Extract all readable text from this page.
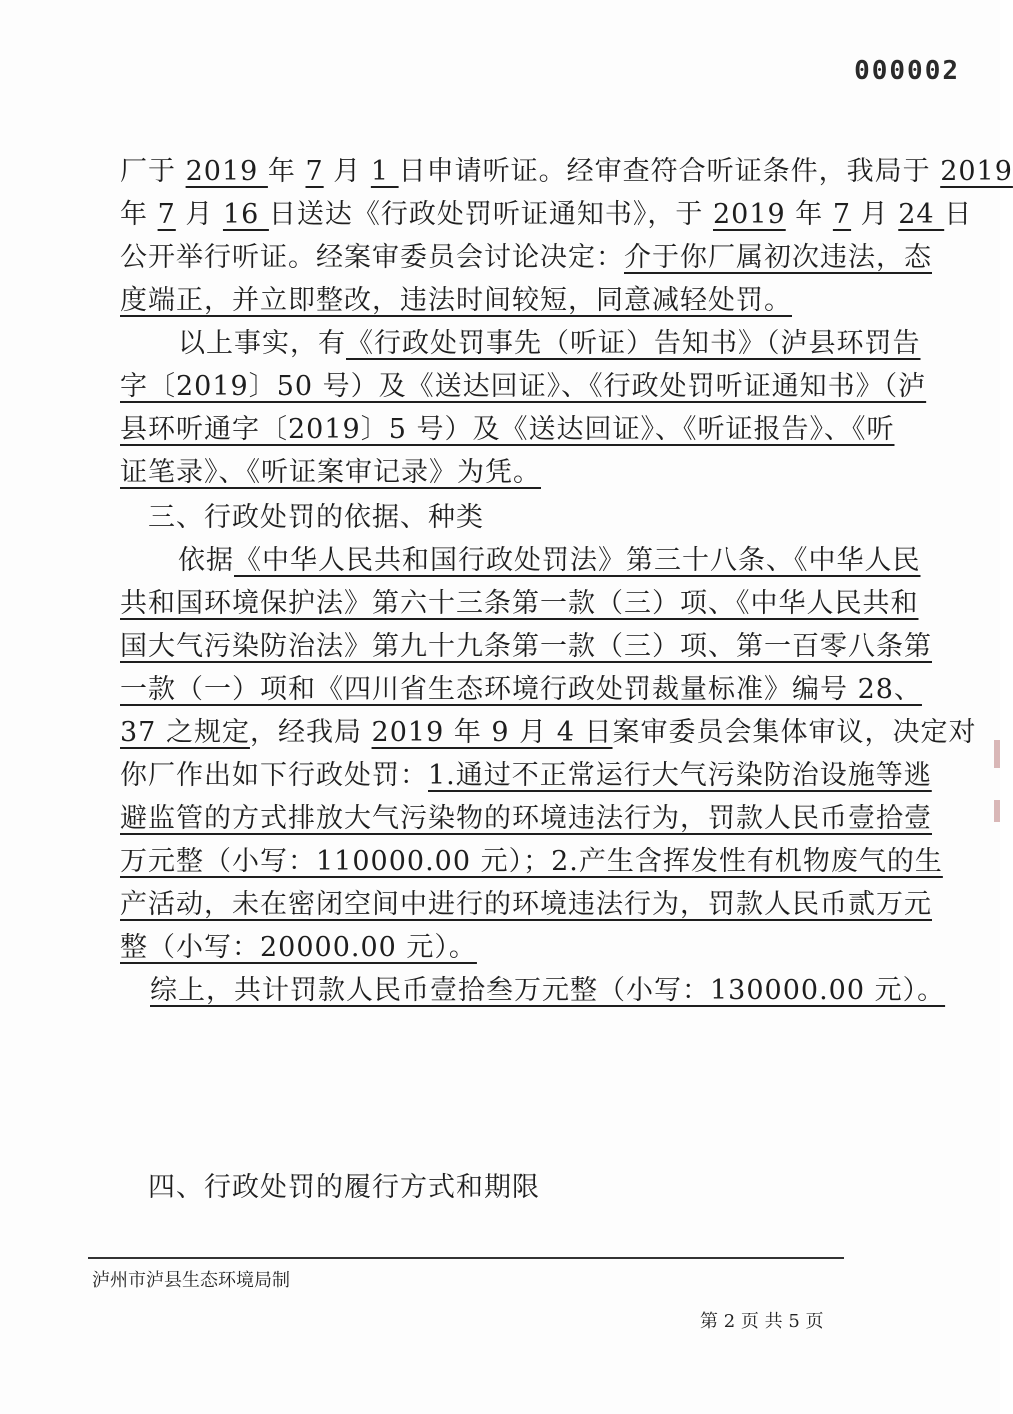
000002
厂于 2019 年 7 月 1 日申请听证。经审查符合听证条件，我局于 2019
年 7 月 16 日送达《行政处罚听证通知书》，于 2019 年 7 月 24 日
公开举行听证。经案审委员会讨论决定：介于你厂属初次违法，态
度端正，并立即整改，违法时间较短，同意减轻处罚。
以上事实，有《行政处罚事先（听证）告知书》（泸县环罚告
字〔2019〕50 号）及《送达回证》、《行政处罚听证通知书》（泸
县环听通字〔2019〕5 号）及《送达回证》、《听证报告》、《听
证笔录》、《听证案审记录》为凭。
三、行政处罚的依据、种类
依据《中华人民共和国行政处罚法》第三十八条、《中华人民
共和国环境保护法》第六十三条第一款（三）项、《中华人民共和
国大气污染防治法》第九十九条第一款（三）项、第一百零八条第
一款（一）项和《四川省生态环境行政处罚裁量标准》编号 28、
37 之规定，经我局 2019 年 9 月 4 日案审委员会集体审议，决定对
你厂作出如下行政处罚：1.通过不正常运行大气污染防治设施等逃
避监管的方式排放大气污染物的环境违法行为，罚款人民币壹拾壹
万元整（小写：110000.00 元）；2.产生含挥发性有机物废气的生
产活动，未在密闭空间中进行的环境违法行为，罚款人民币贰万元
整（小写：20000.00 元）。
综上，共计罚款人民币壹拾叁万元整（小写：130000.00 元）。
四、行政处罚的履行方式和期限
泸州市泸县生态环境局制
第 2 页 共 5 页
